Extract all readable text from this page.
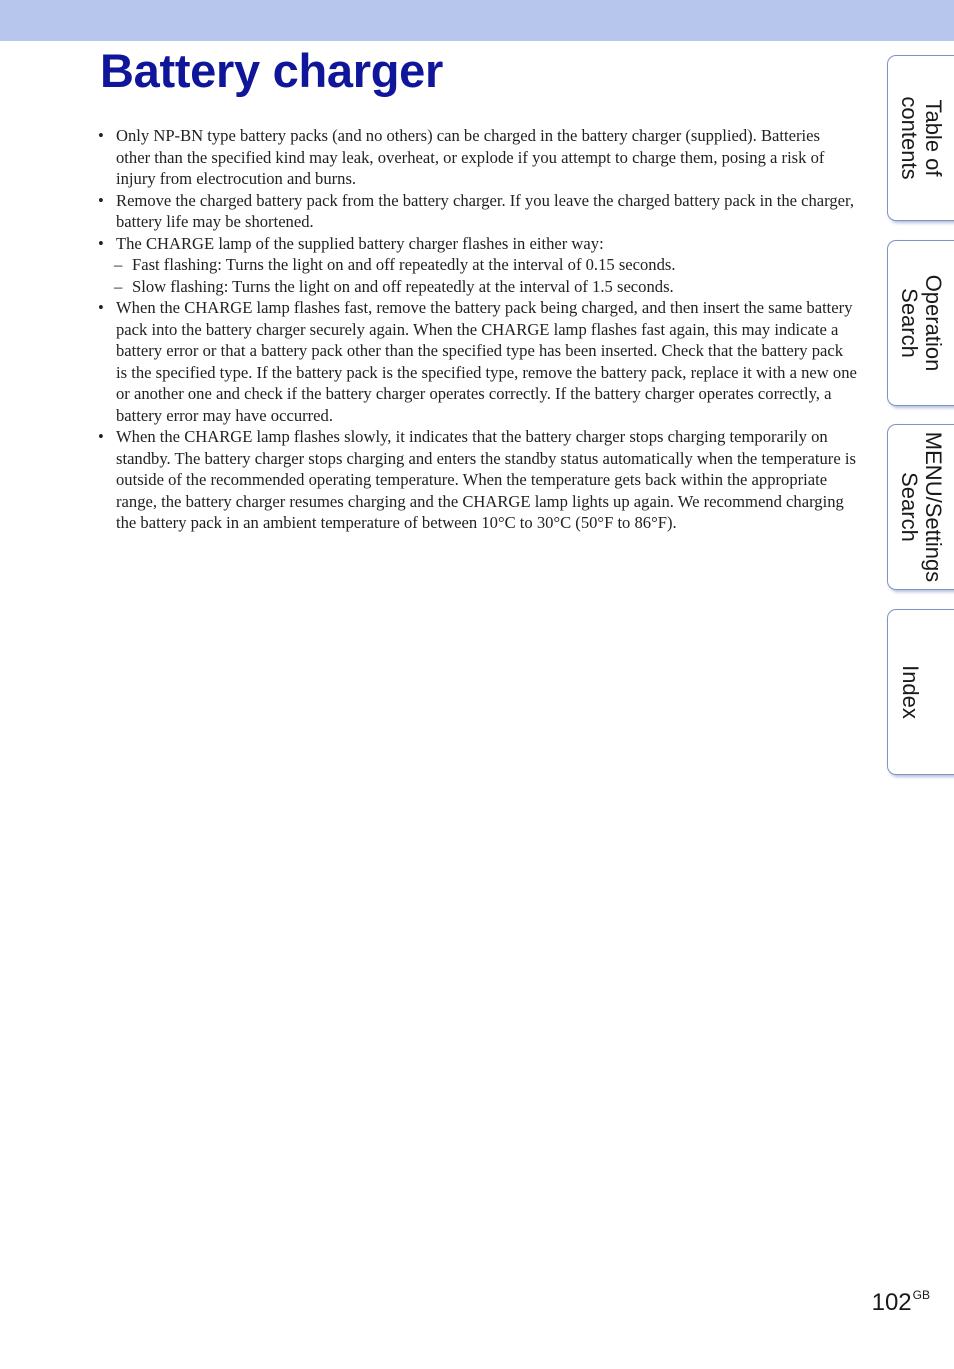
Battery charger
• Only NP-BN type battery packs (and no others) can be charged in the battery charger (supplied). Batteries other than the specified kind may leak, overheat, or explode if you attempt to charge them, posing a risk of injury from electrocution and burns.
• Remove the charged battery pack from the battery charger. If you leave the charged battery pack in the charger, battery life may be shortened.
• The CHARGE lamp of the supplied battery charger flashes in either way:
– Fast flashing: Turns the light on and off repeatedly at the interval of 0.15 seconds.
– Slow flashing: Turns the light on and off repeatedly at the interval of 1.5 seconds.
• When the CHARGE lamp flashes fast, remove the battery pack being charged, and then insert the same battery pack into the battery charger securely again. When the CHARGE lamp flashes fast again, this may indicate a battery error or that a battery pack other than the specified type has been inserted. Check that the battery pack is the specified type. If the battery pack is the specified type, remove the battery pack, replace it with a new one or another one and check if the battery charger operates correctly. If the battery charger operates correctly, a battery error may have occurred.
• When the CHARGE lamp flashes slowly, it indicates that the battery charger stops charging temporarily on standby. The battery charger stops charging and enters the standby status automatically when the temperature is outside of the recommended operating temperature. When the temperature gets back within the appropriate range, the battery charger resumes charging and the CHARGE lamp lights up again. We recommend charging the battery pack in an ambient temperature of between 10°C to 30°C (50°F to 86°F).
Table of
contents
Operation
Search
MENU/Settings
Search
Index
$102^{GB}$
